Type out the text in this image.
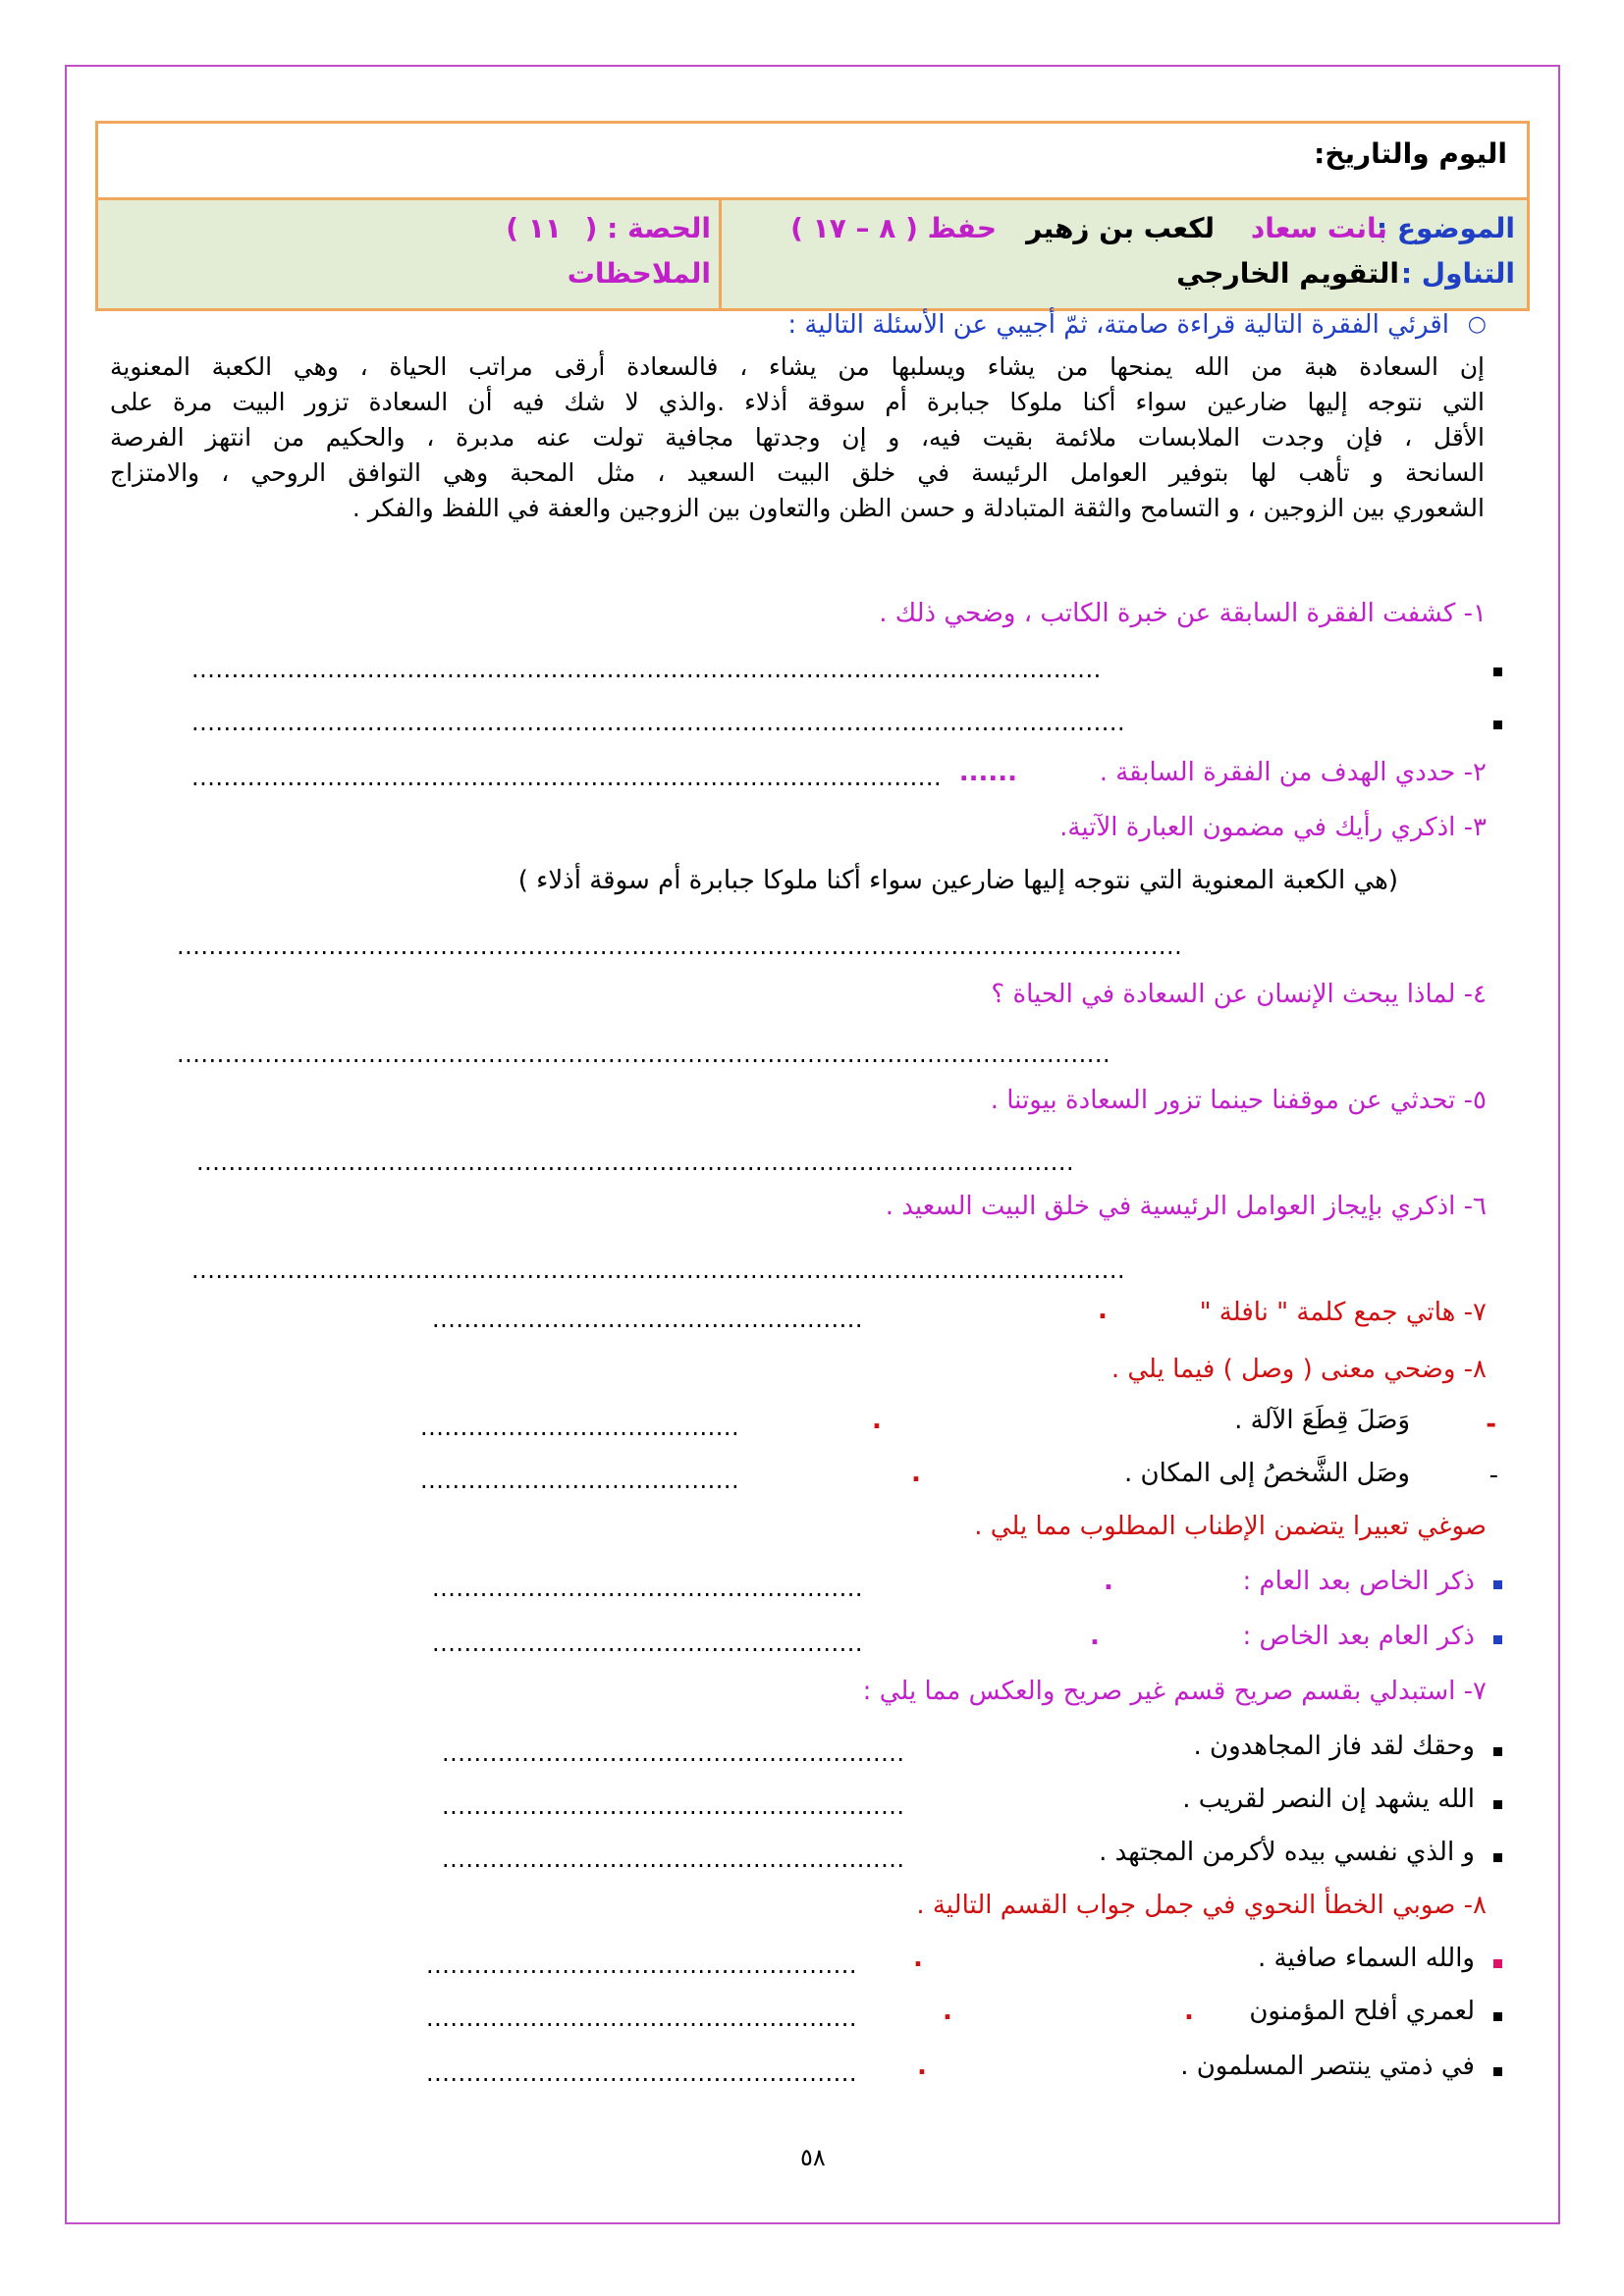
اليوم والتاريخ:
الموضوع :
بانت سعاد
لكعب بن زهير
حفظ ( ٨ – ١٧ )
التناول :
التقويم الخارجي
الحصة : (
١١ )
الملاحظات
○
اقرئي الفقرة التالية قراءة صامتة، ثمّ أجيبي عن الأسئلة التالية :
إن السعادة هبة من الله يمنحها من يشاء ويسلبها من يشاء ، فالسعادة أرقى مراتب الحياة ، وهي الكعبة المعنوية
التي نتوجه إليها ضارعين سواء أكنا ملوكا جبابرة أم سوقة أذلاء .والذي لا شك فيه أن السعادة تزور البيت مرة على
الأقل ، فإن وجدت الملابسات ملائمة بقيت فيه، و إن وجدتها مجافية تولت عنه مدبرة ، والحكيم من انتهز الفرصة
السانحة و تأهب لها بتوفير العوامل الرئيسة في خلق البيت السعيد ، مثل المحبة وهي التوافق الروحي ، والامتزاج
الشعوري بين الزوجين ، و التسامح والثقة المتبادلة و حسن الظن والتعاون بين الزوجين والعفة في اللفظ والفكر .
١- كشفت الفقرة السابقة عن خبرة الكاتب ، وضحي ذلك .
..................................................................................................................
.....................................................................................................................
٢- حددي الهدف من الفقرة السابقة .
......
..............................................................................................
٣- اذكري رأيك في مضمون العبارة الآتية.
(هي الكعبة المعنوية التي نتوجه إليها ضارعين سواء أكنا ملوكا جبابرة أم سوقة أذلاء )
..............................................................................................................................
٤- لماذا يبحث الإنسان عن السعادة في الحياة ؟
.....................................................................................................................
٥- تحدثي عن موقفنا حينما تزور السعادة بيوتنا .
..............................................................................................................
٦- اذكري بإيجاز العوامل الرئيسية في خلق البيت السعيد .
.....................................................................................................................
٧- هاتي جمع كلمة " نافلة "
.
......................................................
٨- وضحي معنى ( وصل ) فيما يلي .
-
وَصَلَ قِطَعَ الآلة .
.
........................................
-
وصَل الشَّخصُ إلى المكان .
.
........................................
صوغي تعبيرا يتضمن الإطناب المطلوب مما يلي .
ذكر الخاص بعد العام :
.
......................................................
ذكر العام بعد الخاص :
.
......................................................
٧- استبدلي بقسم صريح قسم غير صريح والعكس مما يلي :
وحقك لقد فاز المجاهدون .
..........................................................
الله يشهد إن النصر لقريب .
..........................................................
و الذي نفسي بيده لأكرمن المجتهد .
..........................................................
٨- صوبي الخطأ النحوي في جمل جواب القسم التالية .
والله السماء صافية .
.
......................................................
لعمري أفلح المؤمنون
.
.
......................................................
في ذمتي ينتصر المسلمون .
.
......................................................
٥٨
